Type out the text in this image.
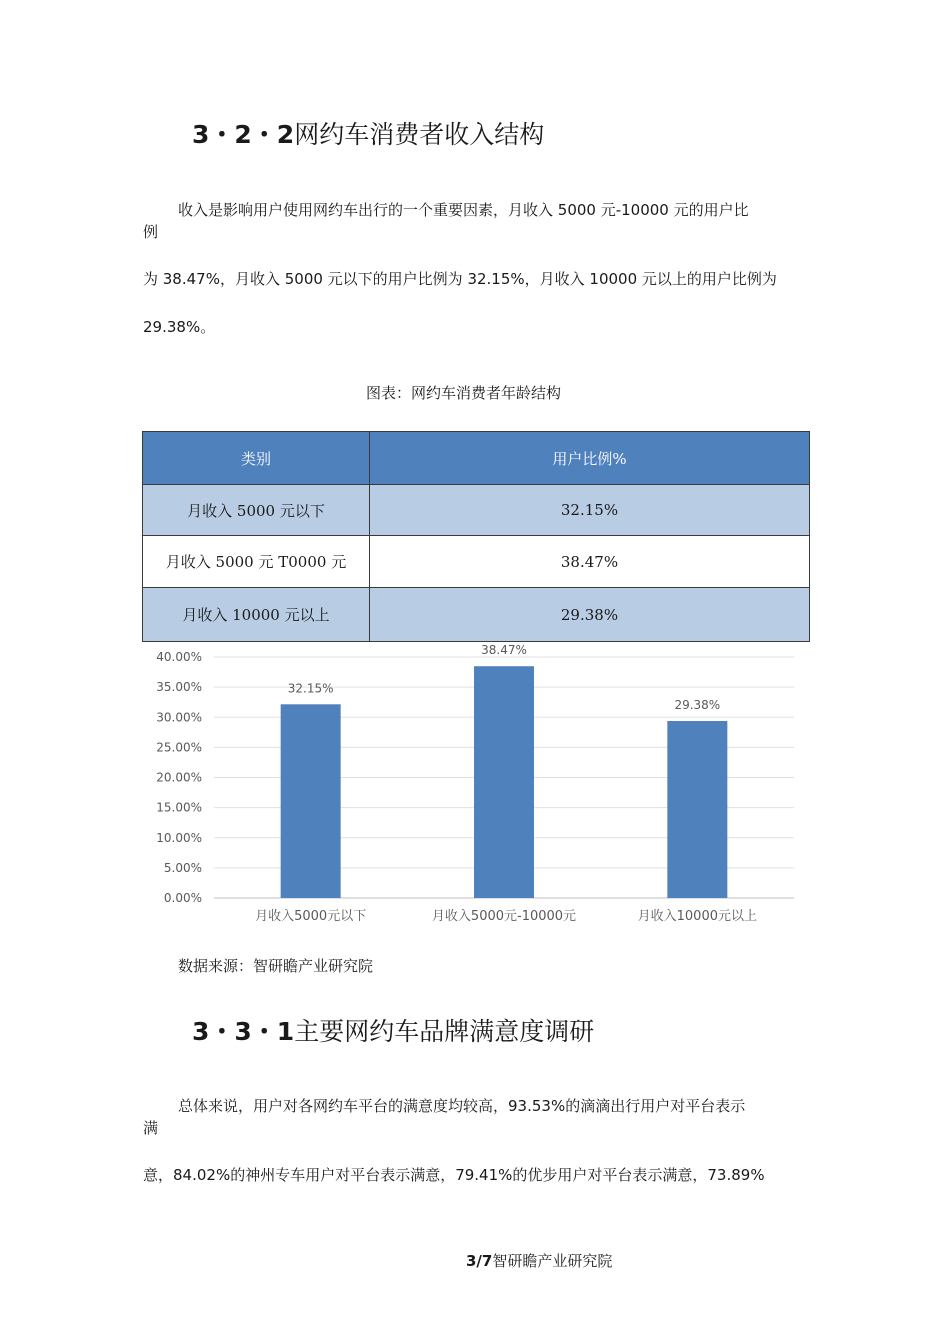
3・2・2网约车消费者收入结构
收入是影响用户使用网约车出行的一个重要因素，月收入 5000 元-10000 元的用户比
例
为 38.47%，月收入 5000 元以下的用户比例为 32.15%，月收入 10000 元以上的用户比例为
29.38%。
图表：网约车消费者年龄结构
类别	用户比例%
月收入 5000 元以下	32.15%
月收入 5000 元 T0000 元	38.47%
月收入 10000 元以上	29.38%
0.00%
5.00%
10.00%
15.00%
20.00%
25.00%
30.00%
35.00%
40.00%
32.15%
月收入5000元以下
38.47%
月收入5000元-10000元
29.38%
月收入10000元以上
数据来源：智研瞻产业研究院
3・3・1主要网约车品牌满意度调研
总体来说，用户对各网约车平台的满意度均较高，93.53%的滴滴出行用户对平台表示
满
意，84.02%的神州专车用户对平台表示满意，79.41%的优步用户对平台表示满意，73.89%
3/7智研瞻产业研究院
